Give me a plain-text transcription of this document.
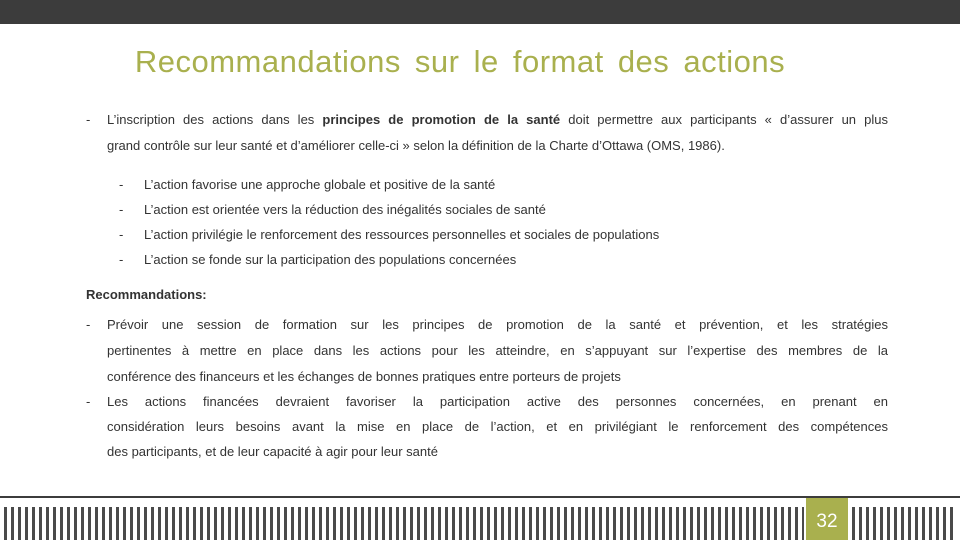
Recommandations sur le format des actions
- L’inscription des actions dans les principes de promotion de la santé doit permettre aux participants « d’assurer un plus
grand contrôle sur leur santé et d’améliorer celle-ci » selon la définition de la Charte d’Ottawa (OMS, 1986).
- L’action favorise une approche globale et positive de la santé
- L’action est orientée vers la réduction des inégalités sociales de santé
- L’action privilégie le renforcement des ressources personnelles et sociales de populations
- L’action se fonde sur la participation des populations concernées
Recommandations:
- Prévoir une session de formation sur les principes de promotion de la santé et prévention, et les stratégies
pertinentes à mettre en place dans les actions pour les atteindre, en s’appuyant sur l’expertise des membres de la
conférence des financeurs et les échanges de bonnes pratiques entre porteurs de projets
- Les actions financées devraient favoriser la participation active des personnes concernées, en prenant en
considération leurs besoins avant la mise en place de l’action, et en privilégiant le renforcement des compétences
des participants, et de leur capacité à agir pour leur santé
32
